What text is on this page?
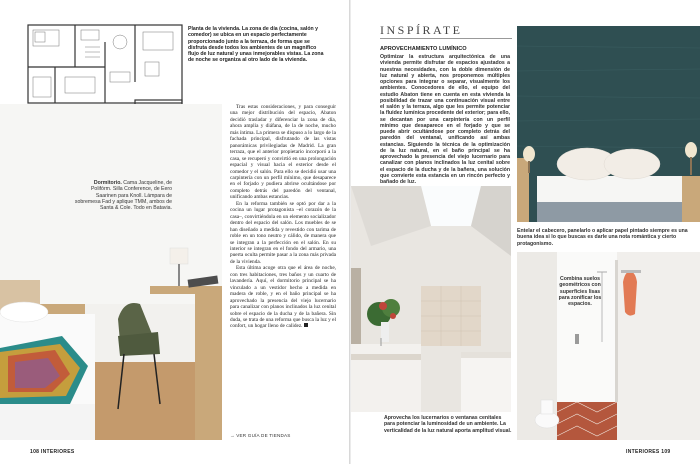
Planta de la vivienda. La zona de día (cocina, salón y comedor) se ubica en un espacio perfectamente proporcionado junto a la terraza, de forma que se disfruta desde todos los ambientes de un magnífico flujo de luz natural y unas inmejorables vistas. La zona de noche se organiza al otro lado de la vivienda.
Dormitorio. Cama Jacqueline, de Polifórm. Silla Conference, de Eero Saarinen para Knoll. Lámpara de sobremesa Fad y aplique TMM, ambos de Santa & Cole. Todo en Batavia.

Tras estas consideraciones, y para conseguir una mejor distribución del espacio, Abaton decidió trasladar y diferenciar la zona de día, ahora amplia y diáfana, de la de noche, mucho más íntima. La primera se dispuso a lo largo de la fachada principal, disfrutando de las vistas panorámicas privilegiadas de Madrid. La gran terraza, que el anterior propietario incorporó a la casa, se recuperó y convirtió en una prolongación espacial y visual hacia el exterior desde el comedor y el salón. Para ello se decidió usar una carpintería con un perfil mínimo, que desaparece en el forjado y pudiera abrirse ocultándose por completo detrás del paredón del ventanal, unificando ambas estancias.

En la reforma también se optó por dar a la cocina un lugar protagonista –el corazón de la casa–, convirtiéndola en un elemento socializador dentro del espacio del salón. Los muebles de se han diseñado a medida y revestido con tarima de roble en un tono neutro y cálido, de manera que se integran a la perfección en el salón. En su interior se integran en el fondo del armario, una puerta oculta permite pasar a la zona más privada de la vivienda.

Esta última acoge otra que el área de noche, con tres habitaciones, tres baños y un cuarto de lavandería. Aquí, el dormitorio principal se ha vinculado a un vestidor hecho a medida en madera de roble, y en el baño principal se ha aprovechado la presencia del viejo lucernario para canalizar con planos inclinados la luz cenital sobre el espacio de la ducha y de la bañera. Sin duda, se trata de una reforma que busca la luz y el confort, un hogar lleno de calidez.

→ VER GUÍA DE TIENDAS
108 INTERIORES
INSPÍRATE
APROVECHAMIENTO LUMÍNICO
Optimizar la estructura arquitectónica de una vivienda permite disfrutar de espacios ajustados a nuestras necesidades, con la doble dimensión de luz natural y abierta, nos proponemos múltiples opciones para integrar o separar, visualmente los ambientes. Conocedores de ello, el equipo del estudio Abaton tiene en cuenta en esta vivienda la posibilidad de trazar una continuación visual entre el salón y la terraza, algo que les permite potenciar la fluidez lumínica procedente del exterior; para ello, se decantan por una carpintería con un perfil mínimo que desaparece en el forjado y que se puede abrir ocultándose por completo detrás del paredón del ventanal, unificando así ambas estancias. Siguiendo la técnica de la optimización de la luz natural, en el baño principal se ha aprovechado la presencia del viejo lucernario para canalizar con planos inclinados la luz cenital sobre el espacio de la ducha y de la bañera, una solución que convierte esta estancia en un rincón perfecto y bañado de luz.
Entelar el cabecero, panelarlo o aplicar papel pintado siempre es una buena idea si lo que buscas es darle una nota romántica y cierto protagonismo.
Aprovecha los lucernarios o ventanas cenitales para potenciar la luminosidad de un ambiente. La verticalidad de la luz natural aporta amplitud visual.
Combina suelos geométricos con superficies lisas para zonificar los espacios.
INTERIORES 109
